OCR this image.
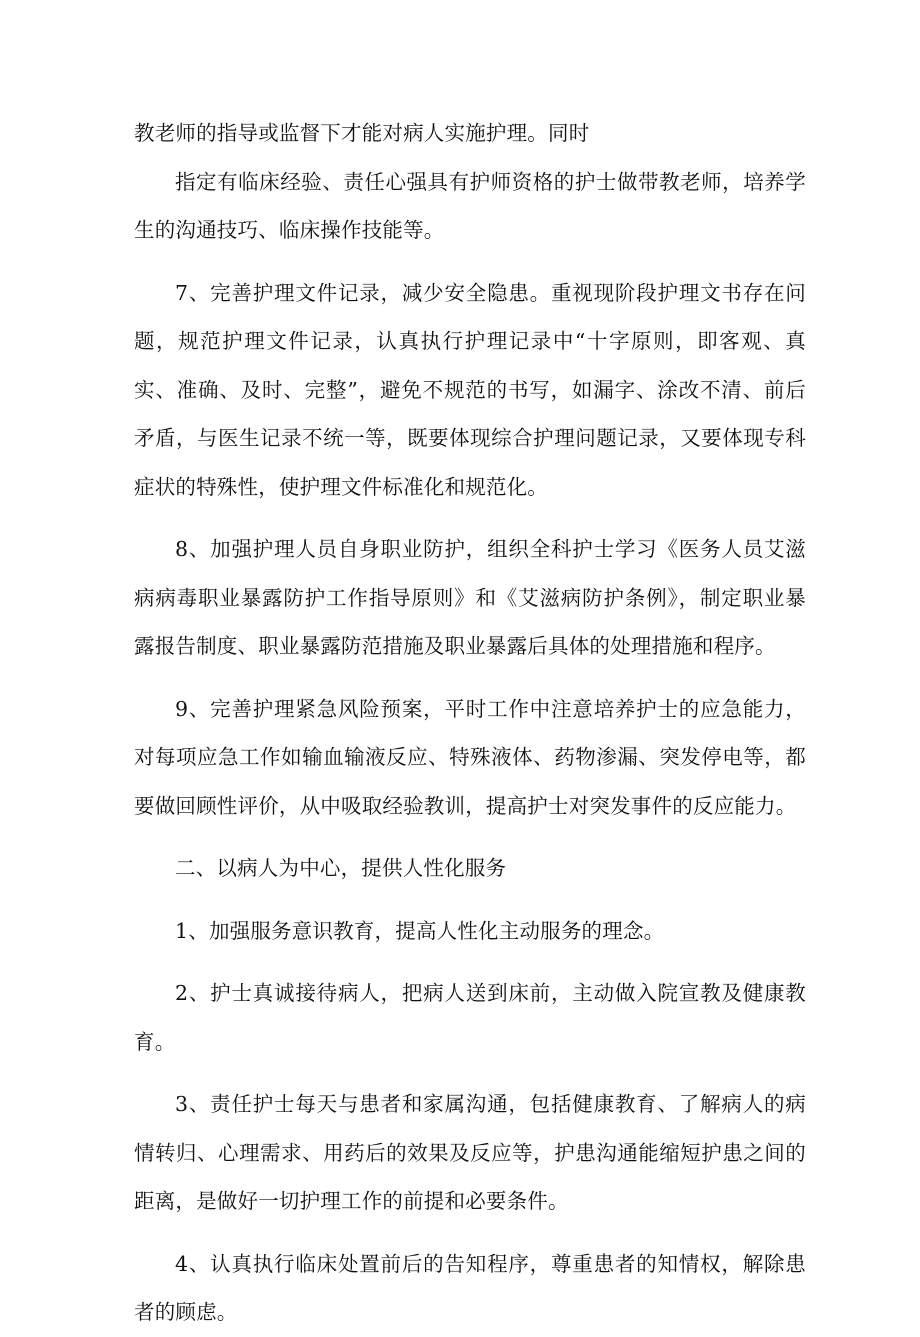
教老师的指导或监督下才能对病人实施护理。同时

指定有临床经验、责任心强具有护师资格的护士做带教老师，培养学生的沟通技巧、临床操作技能等。

7、完善护理文件记录，减少安全隐患。重视现阶段护理文书存在问题，规范护理文件记录，认真执行护理记录中“十字原则，即客观、真实、准确、及时、完整”，避免不规范的书写，如漏字、涂改不清、前后矛盾，与医生记录不统一等，既要体现综合护理问题记录，又要体现专科症状的特殊性，使护理文件标准化和规范化。

8、加强护理人员自身职业防护，组织全科护士学习《医务人员艾滋病病毒职业暴露防护工作指导原则》和《艾滋病防护条例》，制定职业暴露报告制度、职业暴露防范措施及职业暴露后具体的处理措施和程序。

9、完善护理紧急风险预案，平时工作中注意培养护士的应急能力，对每项应急工作如输血输液反应、特殊液体、药物渗漏、突发停电等，都要做回顾性评价，从中吸取经验教训，提高护士对突发事件的反应能力。

二、以病人为中心，提供人性化服务

1、加强服务意识教育，提高人性化主动服务的理念。

2、护士真诚接待病人，把病人送到床前，主动做入院宣教及健康教育。

3、责任护士每天与患者和家属沟通，包括健康教育、了解病人的病情转归、心理需求、用药后的效果及反应等，护患沟通能缩短护患之间的距离，是做好一切护理工作的前提和必要条件。

4、认真执行临床处置前后的告知程序，尊重患者的知情权，解除患者的顾虑。
